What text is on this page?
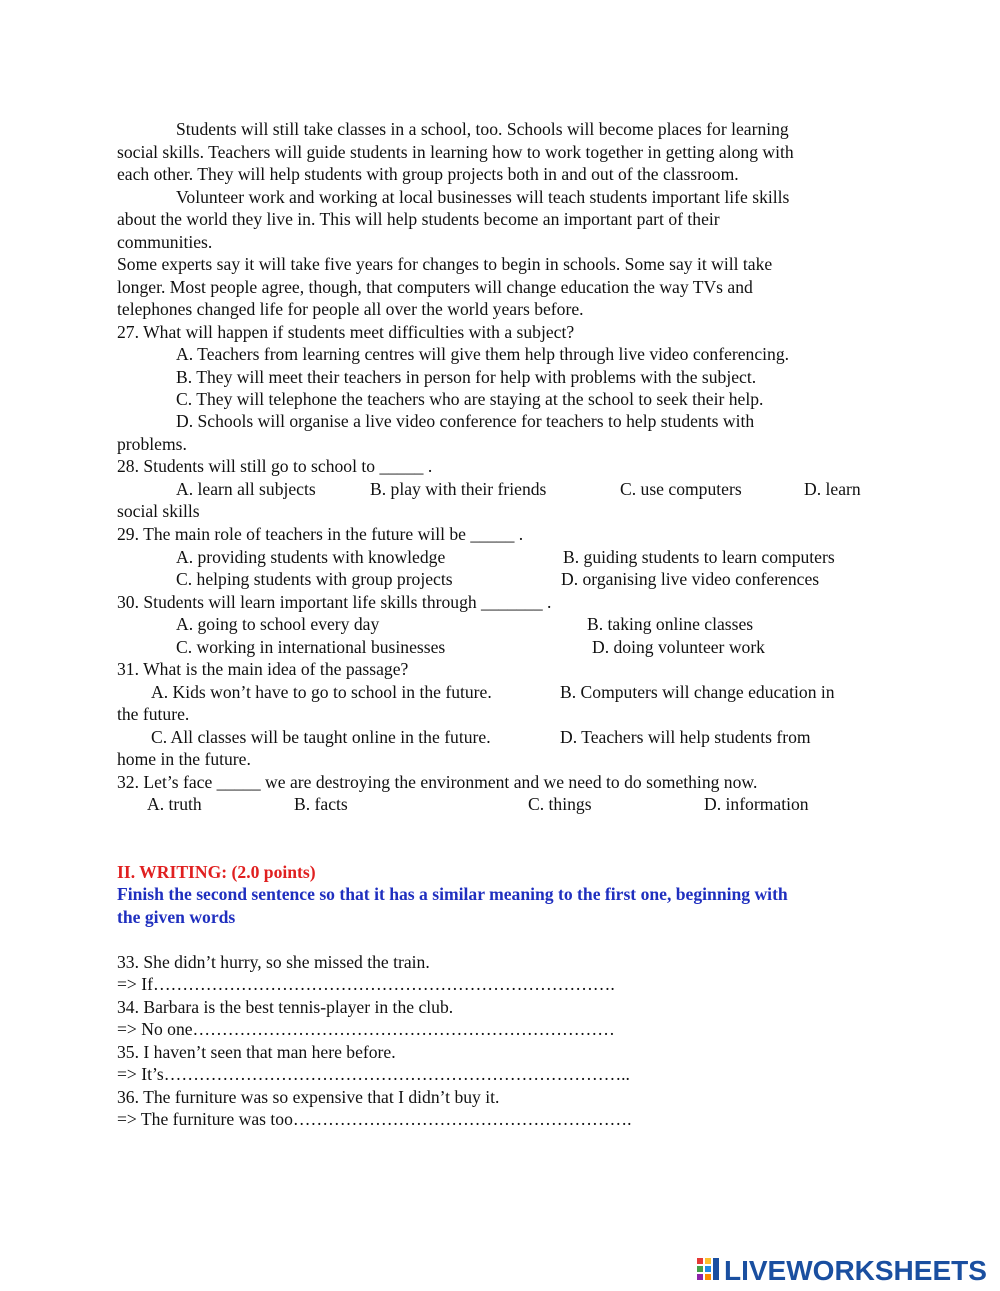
Students will still take classes in a school, too. Schools will become places for learning
social skills. Teachers will guide students in learning how to work together in getting along with
each other. They will help students with group projects both in and out of the classroom.
Volunteer work and working at local businesses will teach students important life skills
about the world they live in. This will help students become an important part of their
communities.
Some experts say it will take five years for changes to begin in schools. Some say it will take
longer. Most people agree, though, that computers will change education the way TVs and
telephones changed life for people all over the world years before.
27. What will happen if students meet difficulties with a subject?
A. Teachers from learning centres will give them help through live video conferencing.
B. They will meet their teachers in person for help with problems with the subject.
C. They will telephone the teachers who are staying at the school to seek their help.
D. Schools will organise a live video conference for teachers to help students with
problems.
28. Students will still go to school to _____ .
A. learn all subjects	B. play with their friends	C. use computers	D. learn
social skills
29. The main role of teachers in the future will be _____ .
A. providing students with knowledge	B. guiding students to learn computers
C. helping students with group projects	D. organising live video conferences
30. Students will learn important life skills through _______ .
A. going to school every day	B. taking online classes
C. working in international businesses	D. doing volunteer work
31. What is the main idea of the passage?
A. Kids won’t have to go to school in the future.	B. Computers will change education in
the future.
C. All classes will be taught online in the future.	D. Teachers will help students from
home in the future.
32. Let’s face _____ we are destroying the environment and we need to do something now.
A. truth	B. facts	C. things	D. information
II. WRITING: (2.0 points)
Finish the second sentence so that it has a similar meaning to the first one, beginning with
the given words
33. She didn’t hurry, so she missed the train.
=> If…………………………………………………………………….
34. Barbara is the best tennis-player in the club.
=> No one………………………………………………………………
35. I haven’t seen that man here before.
=> It’s……………………………………………………………………..
36. The furniture was so expensive that I didn’t buy it.
=> The furniture was too………………………………………………….
LIVEWORKSHEETS
